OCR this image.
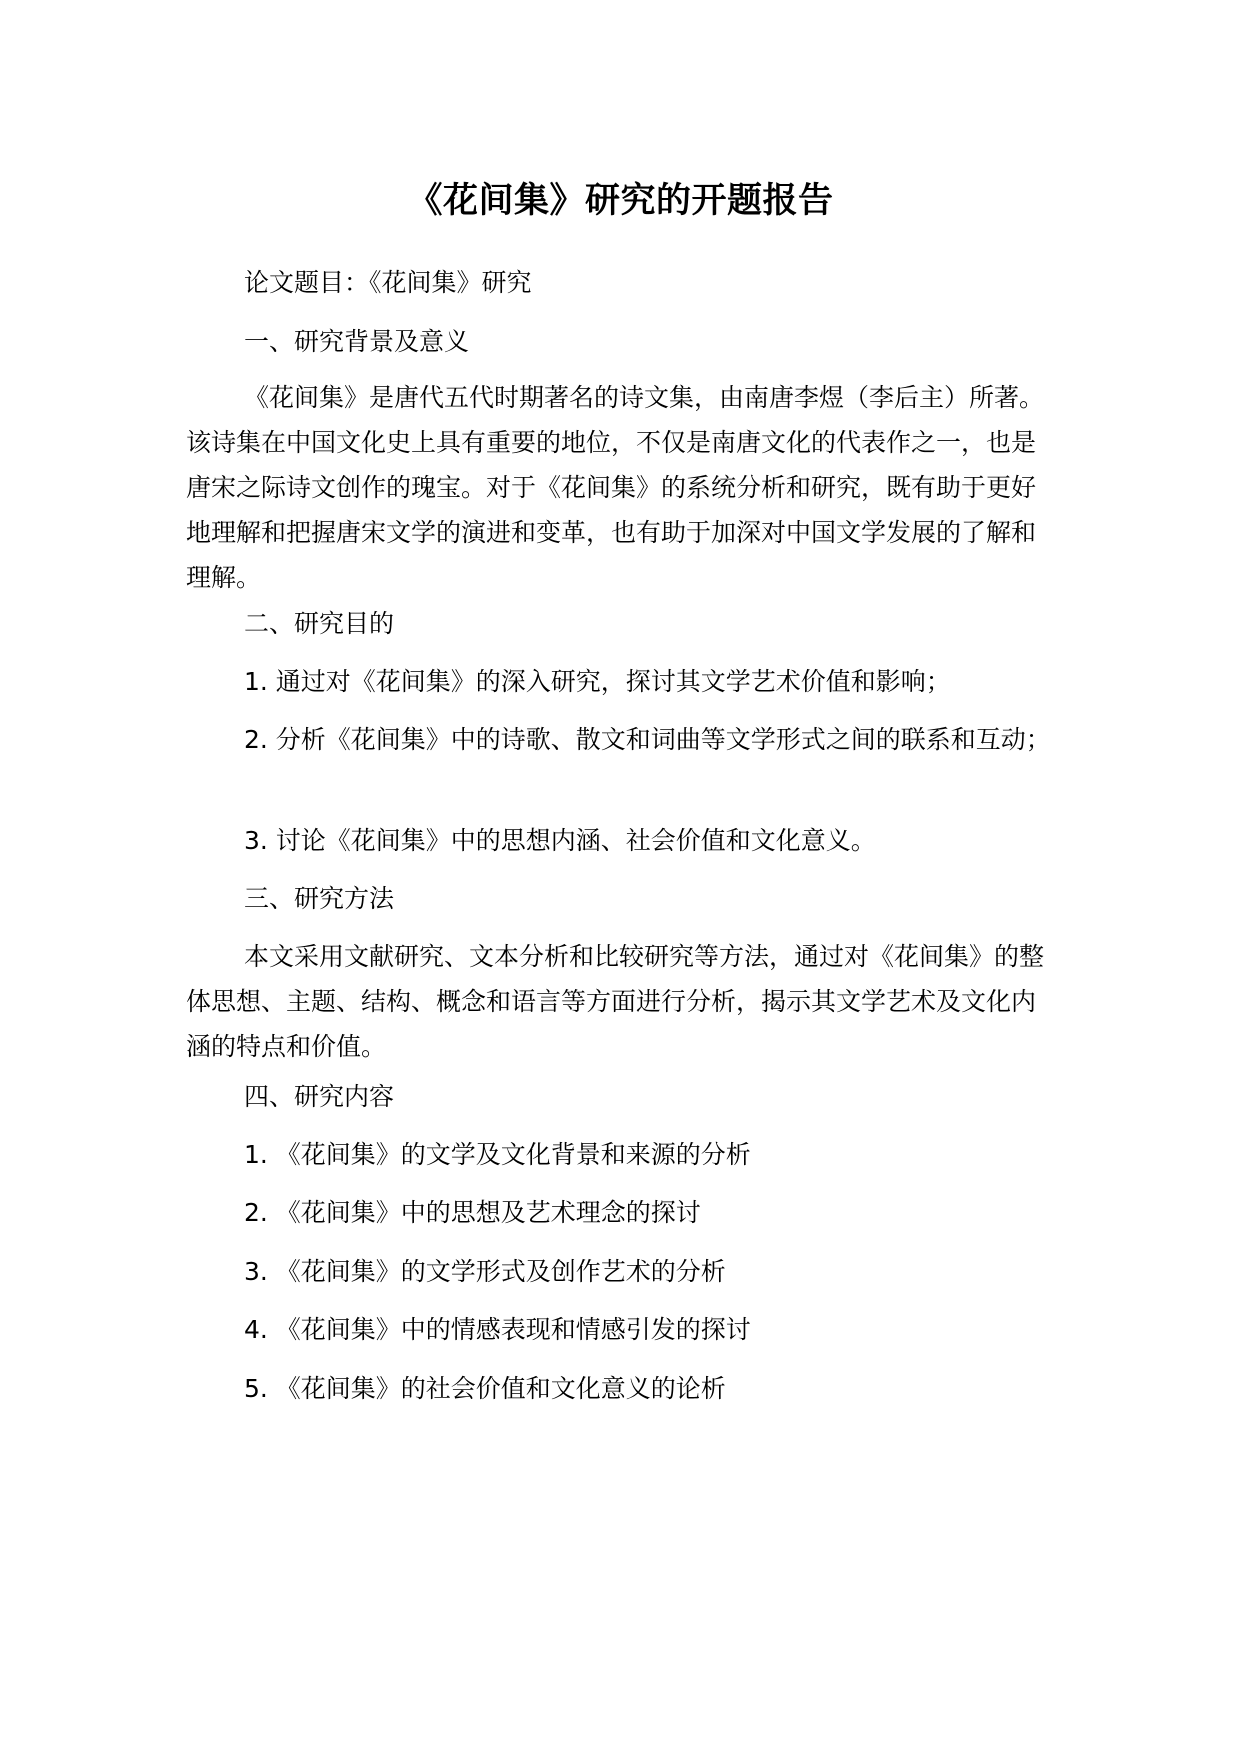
《花间集》研究的开题报告

论文题目：《花间集》研究

一、研究背景及意义

《花间集》是唐代五代时期著名的诗文集，由南唐李煜（李后主）所著。该诗集在中国文化史上具有重要的地位，不仅是南唐文化的代表作之一，也是唐宋之际诗文创作的瑰宝。对于《花间集》的系统分析和研究，既有助于更好地理解和把握唐宋文学的演进和变革，也有助于加深对中国文学发展的了解和理解。

二、研究目的

1. 通过对《花间集》的深入研究，探讨其文学艺术价值和影响；

2. 分析《花间集》中的诗歌、散文和词曲等文学形式之间的联系和互动；

3. 讨论《花间集》中的思想内涵、社会价值和文化意义。

三、研究方法

本文采用文献研究、文本分析和比较研究等方法，通过对《花间集》的整体思想、主题、结构、概念和语言等方面进行分析，揭示其文学艺术及文化内涵的特点和价值。

四、研究内容

1. 《花间集》的文学及文化背景和来源的分析

2. 《花间集》中的思想及艺术理念的探讨

3. 《花间集》的文学形式及创作艺术的分析

4. 《花间集》中的情感表现和情感引发的探讨

5. 《花间集》的社会价值和文化意义的论析
